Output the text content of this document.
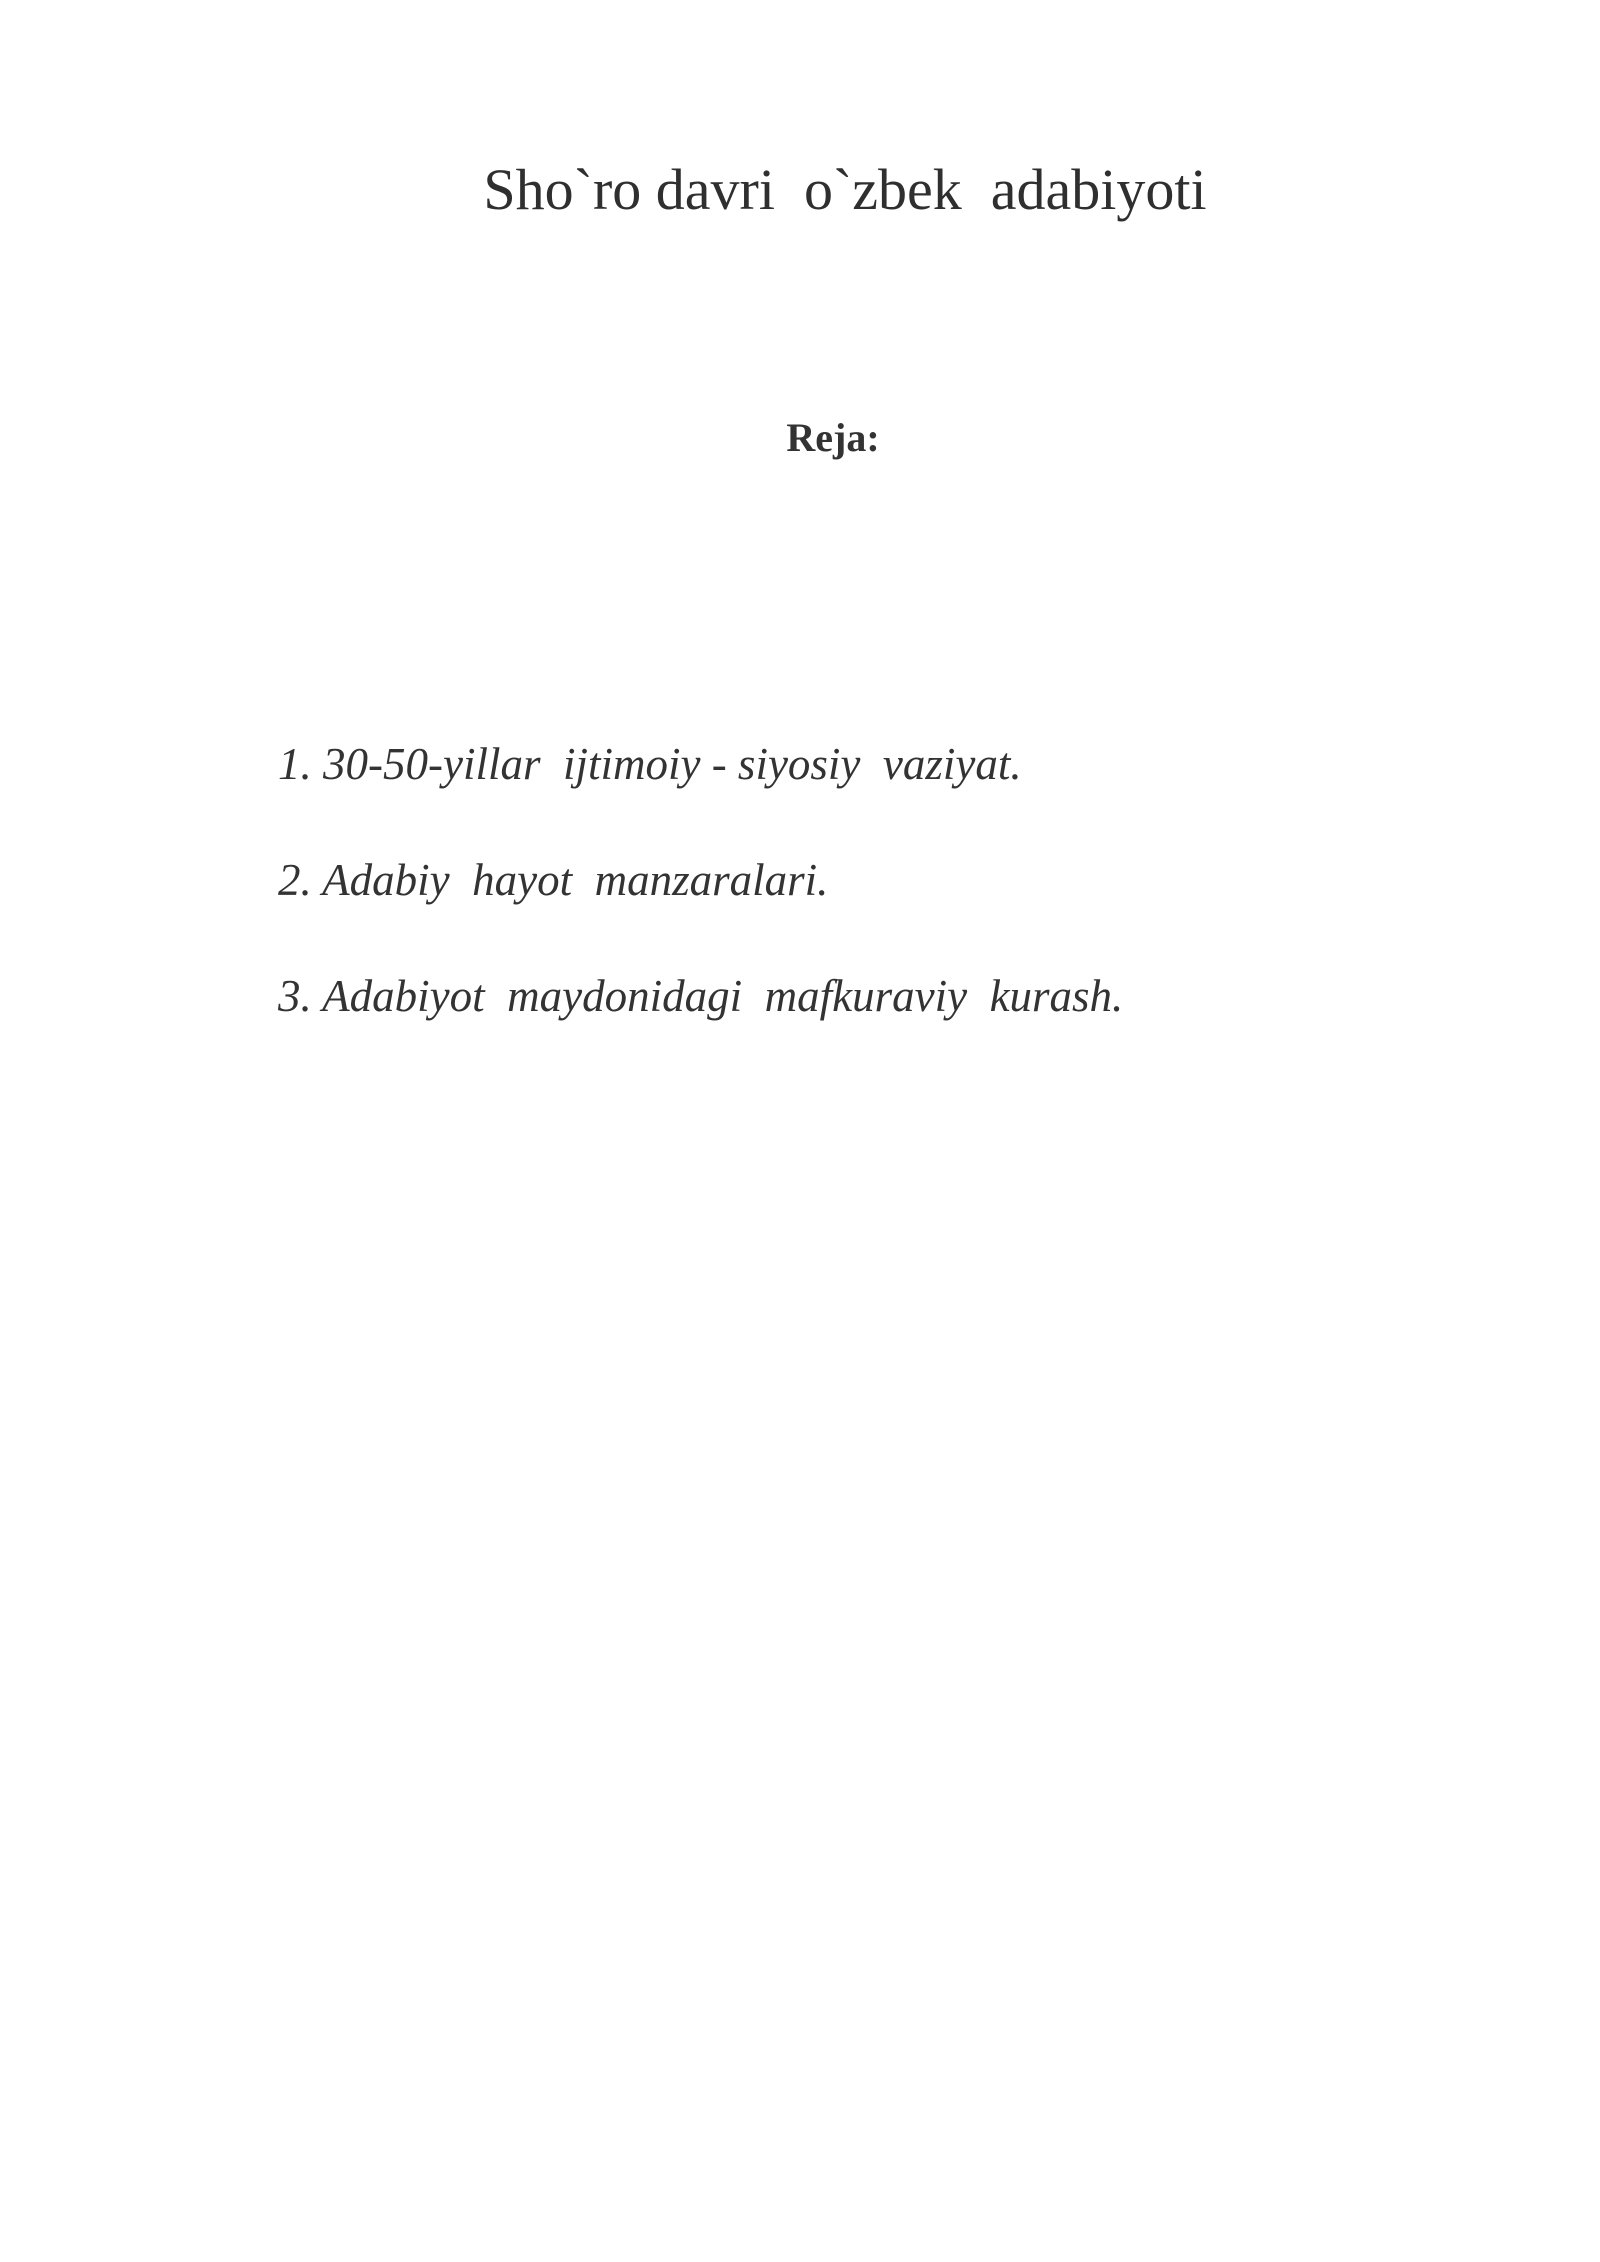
Sho`ro davri  o`zbek  adabiyoti
Reja:
1. 30-50-yillar  ijtimoiy - siyosiy  vaziyat.
2. Adabiy  hayot  manzaralari.
3. Adabiyot  maydonidagi  mafkuraviy  kurash.
